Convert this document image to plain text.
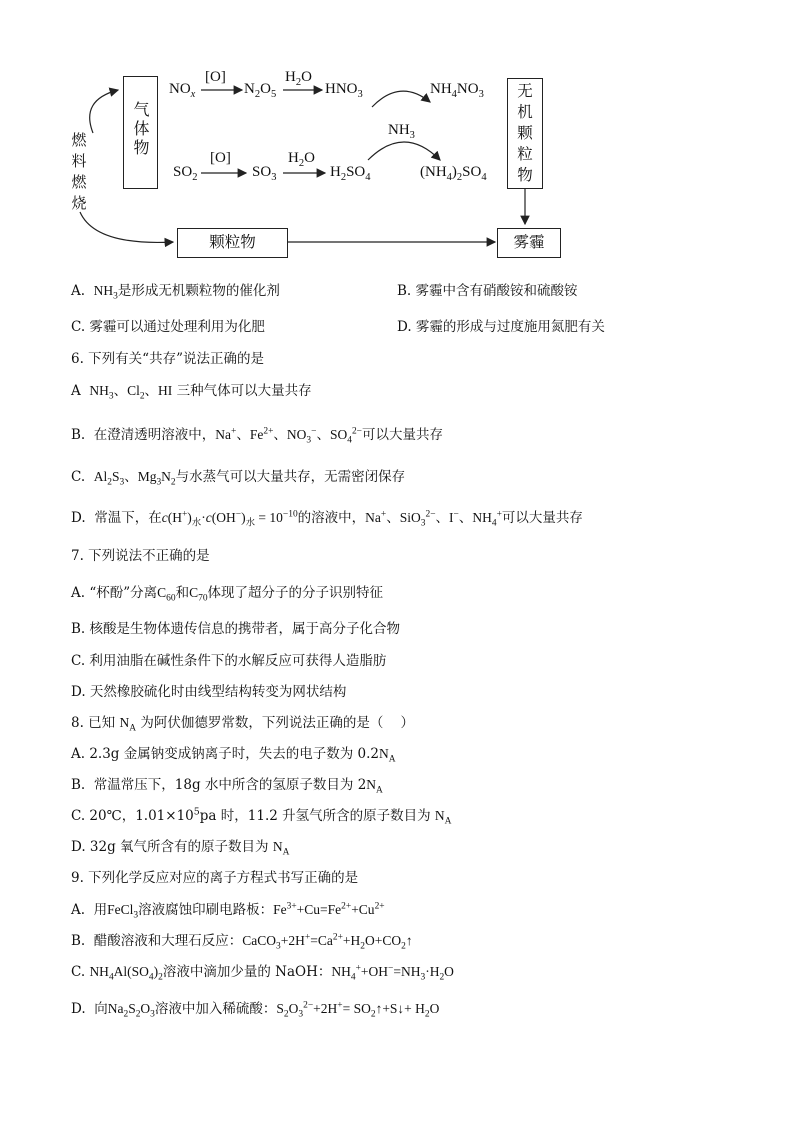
气体物
燃料燃烧
无机颗粒物
颗粒物	雾霾
$NO_x$
[O]
$N_2O_5$
$H_2O$
$HNO_3$	$NH_4NO_3$
$NH_3$
$SO_2$
[O]
$SO_3$
$H_2O$
$H_2SO_4$	$(NH_4)_2SO_4$
A.  $NH_3$是形成无机颗粒物的催化剂	B. 雾霾中含有硝酸铵和硫酸铵
C. 雾霾可以通过处理利用为化肥	D. 雾霾的形成与过度施用氮肥有关
6. 下列有关“共存”说法正确的是
A  $NH_3$、$Cl_2$、HI 三种气体可以大量共存
B.  在澄清透明溶液中，Na+、$Fe^{2+}$、$NO_3^-$、$SO_4^{2-}$可以大量共存
C.  $Al_2S_3$、$Mg_3N_2$与水蒸气可以大量共存，无需密闭保存
D.  常温下，在$c(H^+)_水\cdot c(OH^-)_水 = 10^{-10}$的溶液中，Na+、SiO$_3^{2-}$、I−、$NH_4^+$可以大量共存
7. 下列说法不正确的是
A. “杯酚”分离$C_{60}$和$C_{70}$体现了超分子的分子识别特征
B. 核酸是生物体遗传信息的携带者，属于高分子化合物
C. 利用油脂在碱性条件下的水解反应可获得人造脂肪
D. 天然橡胶硫化时由线型结构转变为网状结构
8. 已知 $N_A$ 为阿伏伽德罗常数，下列说法正确的是（    ）
A. 2.3g 金属钠变成钠离子时，失去的电子数为 $0.2N_A$
B.  常温常压下，18g 水中所含的氢原子数目为 $2N_A$
C. 20℃，$1.01\times 10^5pa$ 时，11.2 升氢气所含的原子数目为 $N_A$
D. 32g 氧气所含有的原子数目为 $N_A$
9. 下列化学反应对应的离子方程式书写正确的是
A.  用FeCl$_3$溶液腐蚀印刷电路板：$Fe^{3+}+Cu=Fe^{2+}+Cu^{2+}$
B.  醋酸溶液和大理石反应：$CaCO_3+2H^+=Ca^{2+}+H_2O+CO_2↑$
C. $NH_4Al(SO_4)_2$溶液中滴加少量的 NaOH：$NH_4^++OH^-=NH_3\cdot H_2O$
D.  向$Na_2S_2O_3$溶液中加入稀硫酸：$S_2O_3^{2-}+2H^+=$ $SO_2↑+S↓+ H_2O$
